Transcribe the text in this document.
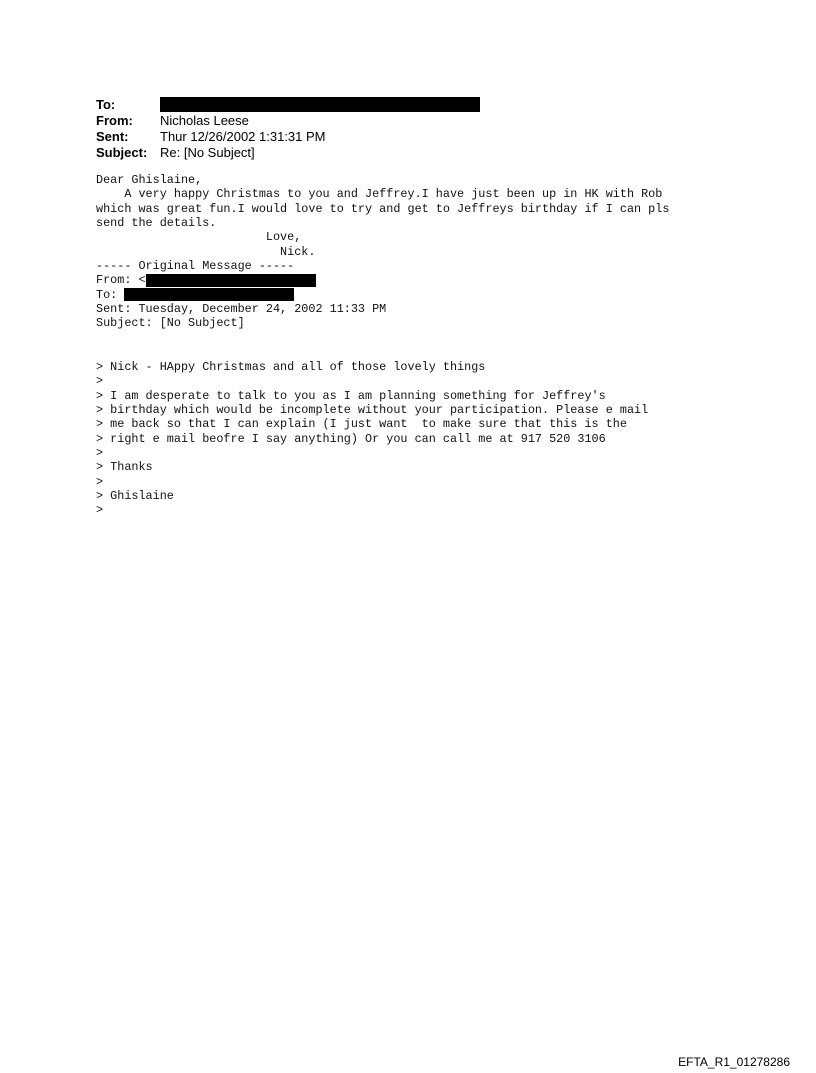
To:
From:	Nicholas Leese
Sent:	Thur 12/26/2002 1:31:31 PM
Subject: Re: [No Subject]
Dear Ghislaine,
A very happy Christmas to you and Jeffrey.I have just been up in HK with Rob
which was great fun.I would love to try and get to Jeffreys birthday if I can pls
send the details.
Love,
Nick.
----- Original Message -----
From: <
To:
Sent: Tuesday, December 24, 2002 11:33 PM
Subject: [No Subject]
> Nick - HAppy Christmas and all of those lovely things
>
> I am desperate to talk to you as I am planning something for Jeffrey's
> birthday which would be incomplete without your participation. Please e mail
> me back so that I can explain (I just want  to make sure that this is the
> right e mail beofre I say anything) Or you can call me at 917 520 3106
>
> Thanks
>
> Ghislaine
>
EFTA_R1_01278286
